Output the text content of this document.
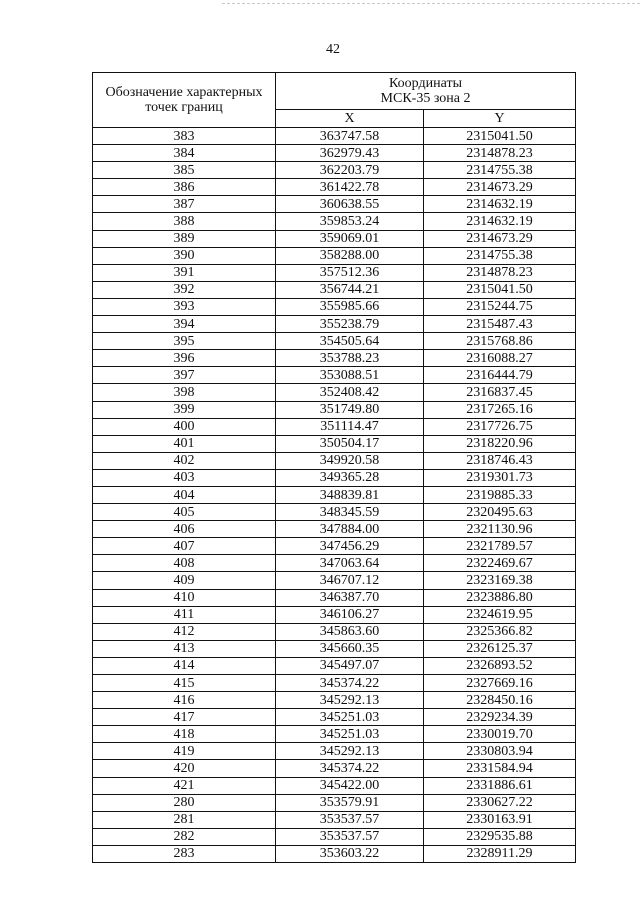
42
Обозначение характерных
точек границ	Координаты
МСК-35 зона 2	

	X	Y
383	363747.58	2315041.50
384	362979.43	2314878.23
385	362203.79	2314755.38
386	361422.78	2314673.29
387	360638.55	2314632.19
388	359853.24	2314632.19
389	359069.01	2314673.29
390	358288.00	2314755.38
391	357512.36	2314878.23
392	356744.21	2315041.50
393	355985.66	2315244.75
394	355238.79	2315487.43
395	354505.64	2315768.86
396	353788.23	2316088.27
397	353088.51	2316444.79
398	352408.42	2316837.45
399	351749.80	2317265.16
400	351114.47	2317726.75
401	350504.17	2318220.96
402	349920.58	2318746.43
403	349365.28	2319301.73
404	348839.81	2319885.33
405	348345.59	2320495.63
406	347884.00	2321130.96
407	347456.29	2321789.57
408	347063.64	2322469.67
409	346707.12	2323169.38
410	346387.70	2323886.80
411	346106.27	2324619.95
412	345863.60	2325366.82
413	345660.35	2326125.37
414	345497.07	2326893.52
415	345374.22	2327669.16
416	345292.13	2328450.16
417	345251.03	2329234.39
418	345251.03	2330019.70
419	345292.13	2330803.94
420	345374.22	2331584.94
421	345422.00	2331886.61
280	353579.91	2330627.22
281	353537.57	2330163.91
282	353537.57	2329535.88
283	353603.22	2328911.29
